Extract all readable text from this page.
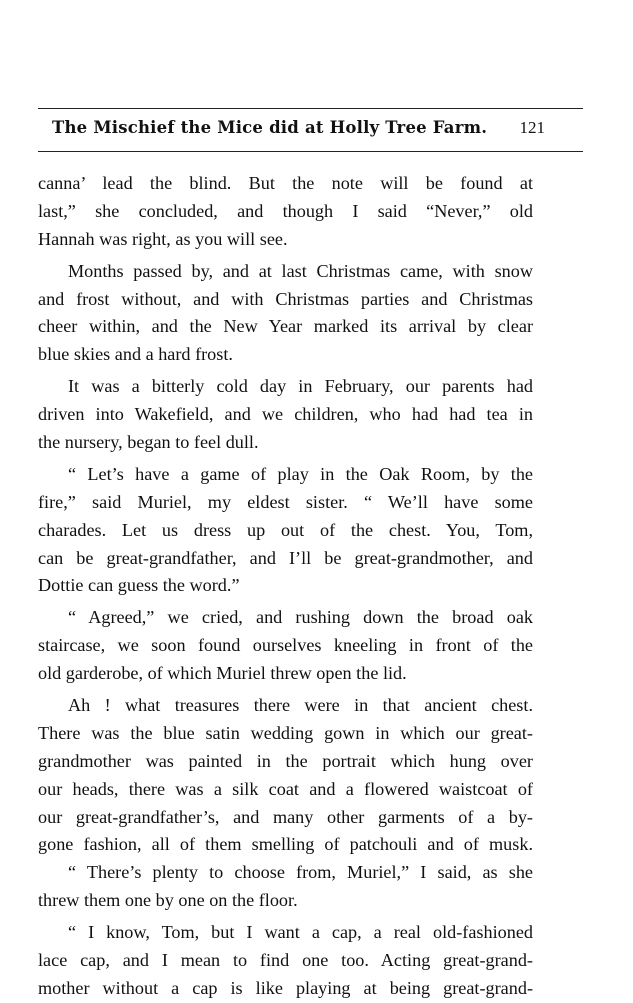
The Mischief the Mice did at Holly Tree Farm.	121
canna’ lead the blind. But the note will be found at
last,” she concluded, and though I said “Never,” old
Hannah was right, as you will see.
Months passed by, and at last Christmas came, with snow
and frost without, and with Christmas parties and Christmas
cheer within, and the New Year marked its arrival by clear
blue skies and a hard frost.
It was a bitterly cold day in February, our parents had
driven into Wakefield, and we children, who had had tea in
the nursery, began to feel dull.
“ Let’s have a game of play in the Oak Room, by the
fire,” said Muriel, my eldest sister. “ We’ll have some
charades. Let us dress up out of the chest. You, Tom,
can be great-grandfather, and I’ll be great-grandmother, and
Dottie can guess the word.”
“ Agreed,” we cried, and rushing down the broad oak
staircase, we soon found ourselves kneeling in front of the
old garderobe, of which Muriel threw open the lid.
Ah ! what treasures there were in that ancient chest.
There was the blue satin wedding gown in which our great-
grandmother was painted in the portrait which hung over
our heads, there was a silk coat and a flowered waistcoat of
our great-grandfather’s, and many other garments of a by-
gone fashion, all of them smelling of patchouli and of musk.
“ There’s plenty to choose from, Muriel,” I said, as she
threw them one by one on the floor.
“ I know, Tom, but I want a cap, a real old-fashioned
lace cap, and I mean to find one too. Acting great-grand-
mother without a cap is like playing at being great-grand-
